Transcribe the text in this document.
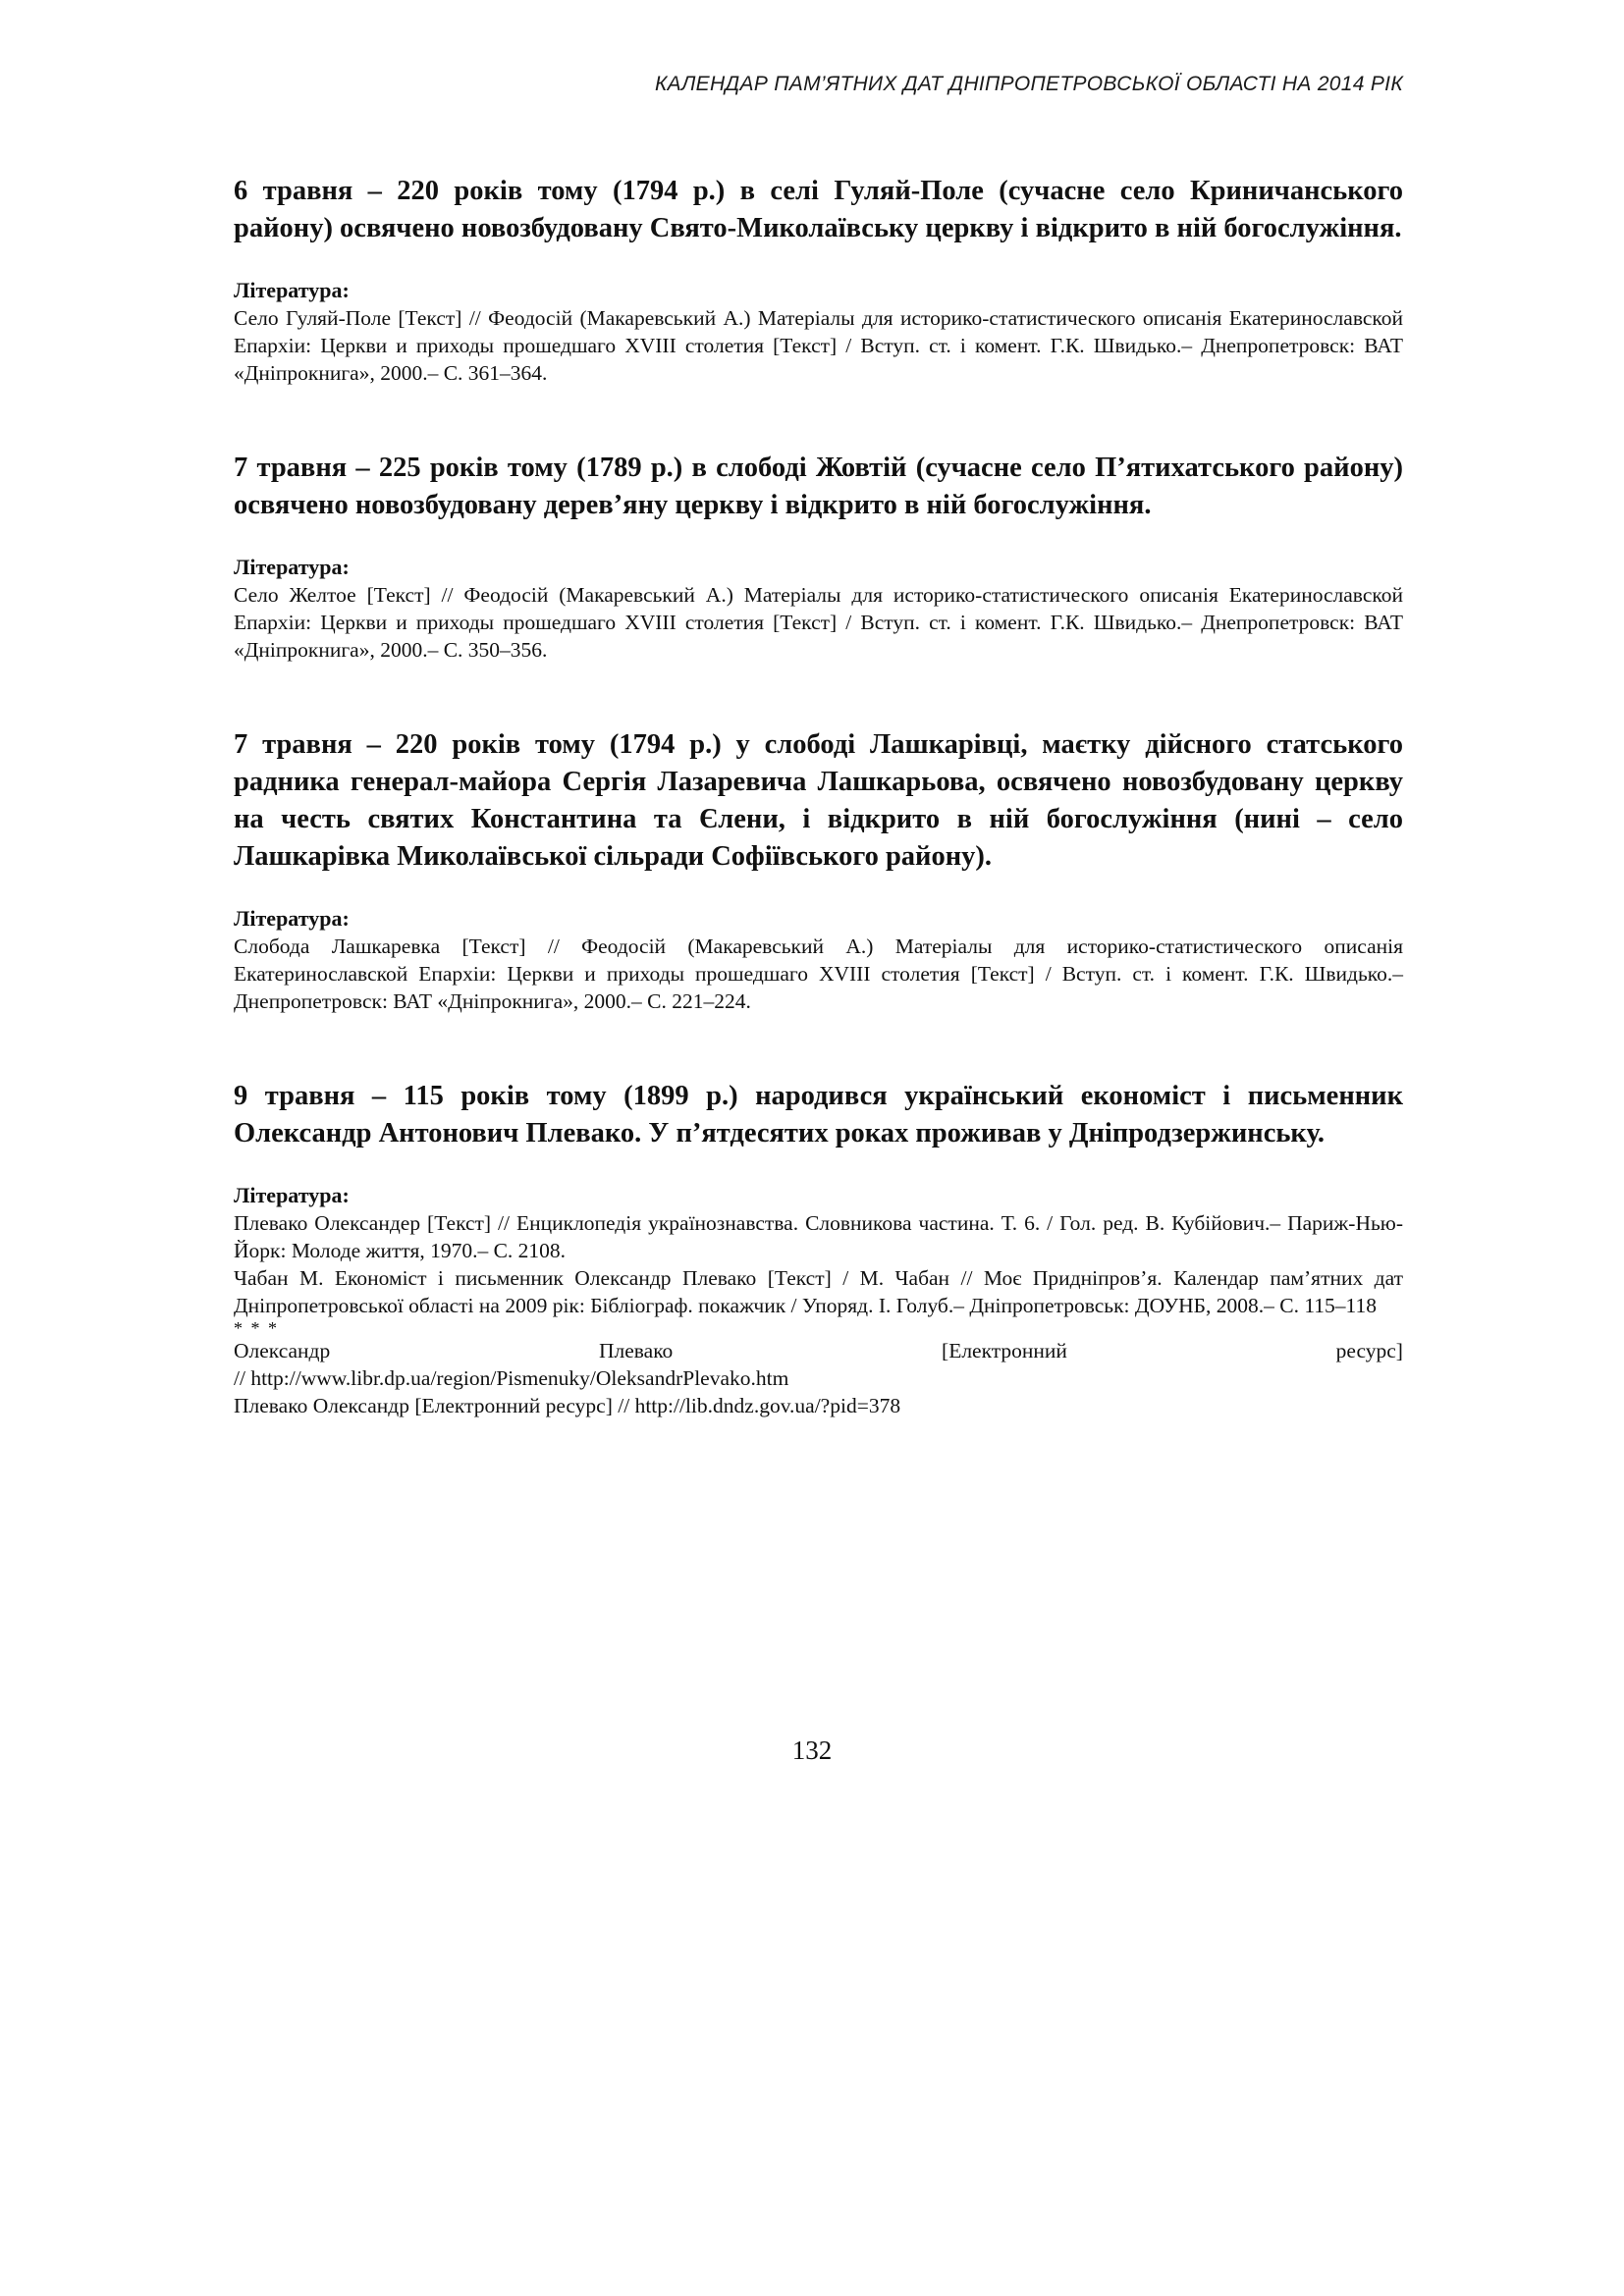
КАЛЕНДАР ПАМ’ЯТНИХ ДАТ ДНІПРОПЕТРОВСЬКОЇ ОБЛАСТІ НА 2014 РІК

6 травня – 220 років тому (1794 р.) в селі Гуляй-Поле (сучасне село Криничанського району) освячено новозбудовану Свято-Миколаївську церкву і відкрито в ній богослужіння.

Література:

Село Гуляй-Поле [Текст] // Феодосій (Макаревський А.) Матеріалы для историко-статистического описанія Екатеринославской Епархіи: Церкви и приходы прошедшаго XVIII столетия [Текст] / Вступ. ст. і комент. Г.К. Швидько.– Днепропетровск: ВАТ «Дніпрокнига», 2000.– С. 361–364.

7 травня – 225 років тому (1789 р.) в слободі Жовтій (сучасне село П’ятихатського району) освячено новозбудовану дерев’яну церкву і відкрито в ній богослужіння.

Література:

Село Желтое [Текст] // Феодосій (Макаревський А.) Матеріалы для историко-статистического описанія Екатеринославской Епархіи: Церкви и приходы прошедшаго XVIII столетия [Текст] / Вступ. ст. і комент. Г.К. Швидько.– Днепропетровск: ВАТ «Дніпрокнига», 2000.– С. 350–356.

7 травня – 220 років тому (1794 р.) у слободі Лашкарівці, маєтку дійсного статського радника генерал-майора Сергія Лазаревича Лашкарьова, освячено новозбудовану церкву на честь святих Константина та Єлени, і відкрито в ній богослужіння (нині – село Лашкарівка Миколаївської сільради Софіївського району).

Література:

Слобода Лашкаревка [Текст] // Феодосій (Макаревський А.) Матеріалы для историко-статистического описанія Екатеринославской Епархіи: Церкви и приходы прошедшаго XVIII столетия [Текст] / Вступ. ст. і комент. Г.К. Швидько.– Днепропетровск: ВАТ «Дніпрокнига», 2000.– С. 221–224.

9 травня – 115 років тому (1899 р.) народився український економіст і письменник Олександр Антонович Плевако. У п’ятдесятих роках проживав у Дніпродзержинську.

Література:

Плевако Олександер [Текст] // Енциклопедія українознавства. Словникова частина. Т. 6. / Гол. ред. В. Кубійович.– Париж-Нью-Йорк: Молоде життя, 1970.– С. 2108.

Чабан М. Економіст і письменник Олександр Плевако [Текст] / М. Чабан // Моє Придніпров’я. Календар пам’ятних дат Дніпропетровської області на 2009 рік: Бібліограф. покажчик / Упоряд. І. Голуб.– Дніпропетровськ: ДОУНБ, 2008.– С. 115–118

* * *

Олександр	Плевако	[Електронний	ресурс]

// http://www.libr.dp.ua/region/Pismenuky/OleksandrPlevako.htm

Плевако Олександр [Електронний ресурс] // http://lib.dndz.gov.ua/?pid=378

132
